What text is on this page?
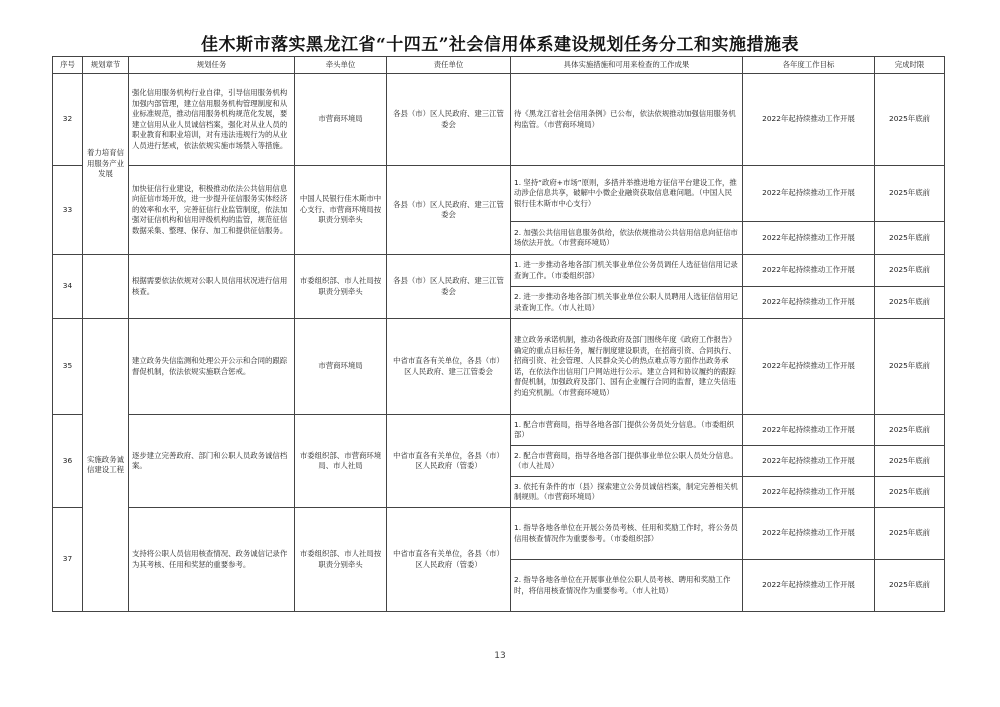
佳木斯市落实黑龙江省“十四五”社会信用体系建设规划任务分工和实施措施表
序号	规划章节	规划任务	牵头单位	责任单位	具体实施措施和可用来检查的工作成果	各年度工作目标	完成时限
32	着力培育信用服务产业发展	强化信用服务机构行业自律，引导信用服务机构加强内部管理，建立信用服务机构管理制度和从业标准规范，推动信用服务机构规范化发展，要建立信用从业人员诚信档案，强化对从业人员的职业教育和职业培训，对有违法违规行为的从业人员进行惩戒，依法依规实施市场禁入等措施。	市营商环境局	各县（市）区人民政府、建三江管委会	待《黑龙江省社会信用条例》已公布，依法依规推动加强信用服务机构监管。（市营商环境局）	2022年起持续推动工作开展	2025年底前
33		加快征信行业建设，积极推动依法公共信用信息向征信市场开放，进一步提升征信服务实体经济的效率和水平，完善征信行业监管制度，依法加强对征信机构和信用评级机构的监管，规范征信数据采集、整理、保存、加工和提供征信服务。	中国人民银行佳木斯市中心支行、市营商环境局按职责分别牵头	各县（市）区人民政府、建三江管委会	1. 坚持“政府+市场”原则，多措并举推进地方征信平台建设工作，推动涉企信息共享，破解中小微企业融资获取信息难问题。（中国人民银行佳木斯市中心支行）	2022年起持续推动工作开展	2025年底前
					2. 加强公共信用信息服务供给，依法依规推动公共信用信息向征信市场依法开放。（市营商环境局）	2022年起持续推动工作开展	2025年底前
34		根据需要依法依规对公职人员信用状况进行信用核查。	市委组织部、市人社局按职责分别牵头	各县（市）区人民政府、建三江管委会	1. 进一步推动各地各部门机关事业单位公务员调任人选征信信用记录查询工作。（市委组织部）	2022年起持续推动工作开展	2025年底前
					2. 进一步推动各地各部门机关事业单位公职人员聘用人选征信信用记录查询工作。（市人社局）	2022年起持续推动工作开展	2025年底前
35	实施政务诚信建设工程	建立政务失信监测和处理公开公示和合同的跟踪督促机制，依法依规实施联合惩戒。	市营商环境局	中省市直各有关单位，各县（市）区人民政府、建三江管委会	建立政务承诺机制，推动各级政府及部门围绕年度《政府工作报告》确定的重点目标任务，履行制度建设职责，在招商引资、合同执行、招商引资、社会管理、人民群众关心的热点难点等方面作出政务承诺，在依法作出信用门户网站进行公示。建立合同和协议履约的跟踪督促机制，加强政府及部门、国有企业履行合同的监督，建立失信违约追究机制。（市营商环境局）	2022年起持续推动工作开展	2025年底前
36		逐步建立完善政府、部门和公职人员政务诚信档案。	市委组织部、市营商环境局、市人社局	中省市直各有关单位，各县（市）区人民政府（管委）	1. 配合市营商局，指导各地各部门提供公务员处分信息。（市委组织部）	2022年起持续推动工作开展	2025年底前
					2. 配合市营商局，指导各地各部门提供事业单位公职人员处分信息。（市人社局）	2022年起持续推动工作开展	2025年底前
					3. 依托有条件的市（县）探索建立公务员诚信档案，制定完善相关机制规则。（市营商环境局）	2022年起持续推动工作开展	2025年底前
37		支持将公职人员信用核查情况、政务诚信记录作为其考核、任用和奖惩的重要参考。	市委组织部、市人社局按职责分别牵头	中省市直各有关单位，各县（市）区人民政府（管委）	1. 指导各地各单位在开展公务员考核、任用和奖励工作时，将公务员信用核查情况作为重要参考。（市委组织部）	2022年起持续推动工作开展	2025年底前
					2. 指导各地各单位在开展事业单位公职人员考核、聘用和奖励工作时，将信用核查情况作为重要参考。（市人社局）	2022年起持续推动工作开展	2025年底前
13
